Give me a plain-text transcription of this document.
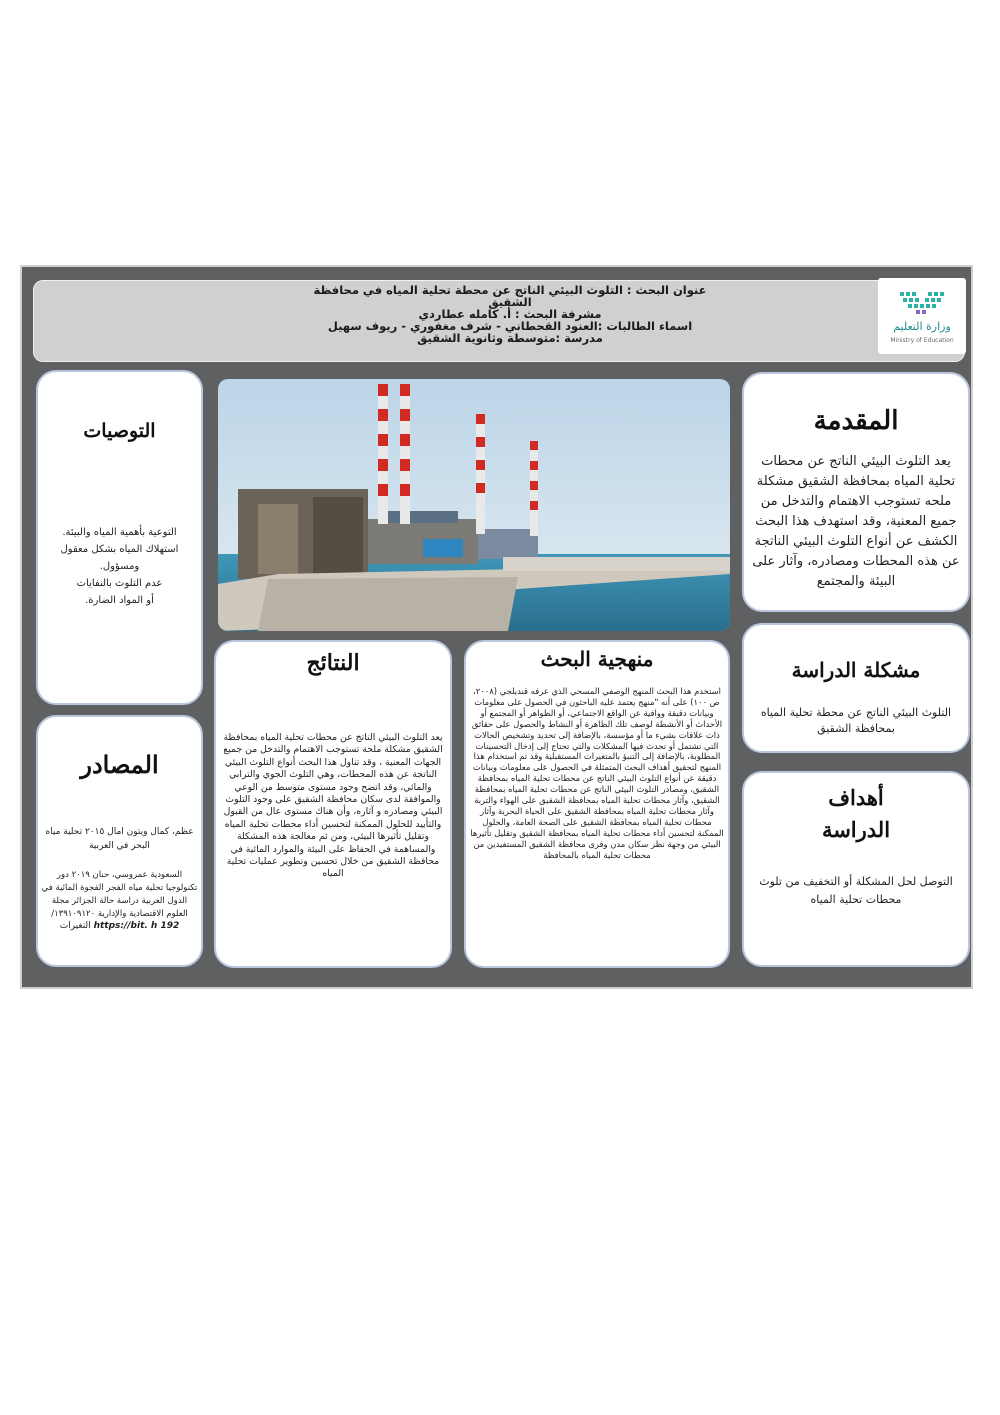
عنوان البحث : التلوث البيئي الناتج عن محطة تحلية المياه في محافظة
الشقيق
مشرفة البحث : أ. كامله عطاردي
اسماء الطالبات :العنود القحطاني - شرف مغفوري - ريوف سهيل
مدرسة :متوسطة وثانوية الشقيق
وزارة التعليم
Ministry of Education
المقدمة
يعد التلوث البيئي الناتج عن محطات تحلية المياه بمحافظة الشقيق مشكلة ملحه تستوجب الاهتمام والتدخل من جميع المعنية، وقد استهدف هذا البحث الكشف عن أنواع التلوث البيئي الناتجة عن هذه المحطات ومصادره، وآثار على البيئة والمجتمع
مشكلة الدراسة
التلوث البيئي الناتج عن محطة تحلية المياه بمحافظة الشقيق
أهداف
الدراسة
التوصل لحل المشكلة أو التخفيف من تلوث محطات تحلية المياه
التوصيات
التوعية بأهمية المياه والبيئة.
استهلاك المياه بشكل معقول ومسؤول.
عدم التلوث بالنفايات
أو المواد الضارة.
المصادر
عظم، كمال ويتون امال ٢٠١٥ تحلية مياه البحر في العربية
السعودية عمروسي، حنان ٢٠١٩ دور تكنولوجيا تحلية مياه الفجر الفجوة المائية في الدول العربية دراسة حالة الجزائر مجلة العلوم الاقتصادية والإدارية ١٣٩١٠٩١٢٠/
https://bit. h 192 التغيرات
النتائج
يعد التلوث البيئي الناتج عن محطات تحلية المياه بمحافظة الشقيق مشكلة ملحة تستوجب الاهتمام والتدخل من جميع الجهات المعنية ، وقد تناول هذا البحث أنواع التلوث البيئي الناتجة عن هذه المحطات، وهي التلوث الجوي والترابي والمائي، وقد اتضح وجود مستوى متوسط من الوعي والموافقة لدى سكان محافظة الشقيق على وجود التلوث البيئي ومصادره و آثاره، وأن هناك مستوى عال من القبول والتأييد للحلول الممكنة لتحسين أداء محطات تحلية المياه وتقليل تأثيرها البيئي، ومن ثم معالجة هذه المشكلة والمساهمة في الحفاظ على البيئة والموارد المائية في محافظة الشقيق من خلال تحسين وتطوير عمليات تحلية المياه
منهجية البحث
استخدم هذا البحث المنهج الوصفي المسحي الذي عرفه قنديلجي (٢٠٠٨، ص ١٠٠) على أنه "منهج يعتمد عليه الباحثون في الحصول على معلومات وبيانات دقيقة ووافية عن الواقع الاجتماعي، أو الظواهر أو المجتمع أو الأحداث أو الأنشطة لوصف تلك الظاهرة أو النشاط والحصول على حقائق ذات علاقات بشيء ما أو مؤسسة، بالإضافة إلى تحديد وتشخيص الحالات التي تشتمل أو تحدث فيها المشكلات والتي تحتاج إلى إدخال التحسينات المطلوبة، بالإضافة إلى التنبؤ بالمتغيرات المستقبلية وقد تم استخدام هذا المنهج لتحقيق أهداف البحث المتمثلة في الحصول على معلومات وبيانات دقيقة عن أنواع التلوث البيئي الناتج عن محطات تحلية المياه بمحافظة الشقيق، ومصادر التلوث البيئي الناتج عن محطات تحلية المياه بمحافظة الشقيق، وآثار محطات تحلية المياه بمحافظة الشقيق على الهواء والتربة وآثار محطات تحلية المياه بمحافظة الشقيق على الحياة البحرية وآثار محطات تحلية المياه بمحافظة الشقيق على الصحة العامة، والحلول الممكنة لتحسين أداء محطات تحلية المياه بمحافظة الشقيق وتقليل تأثيرها البيئي من وجهة نظر سكان مدن وقرى محافظة الشقيق المستفيدين من محطات تحلية المياه بالمحافظة
